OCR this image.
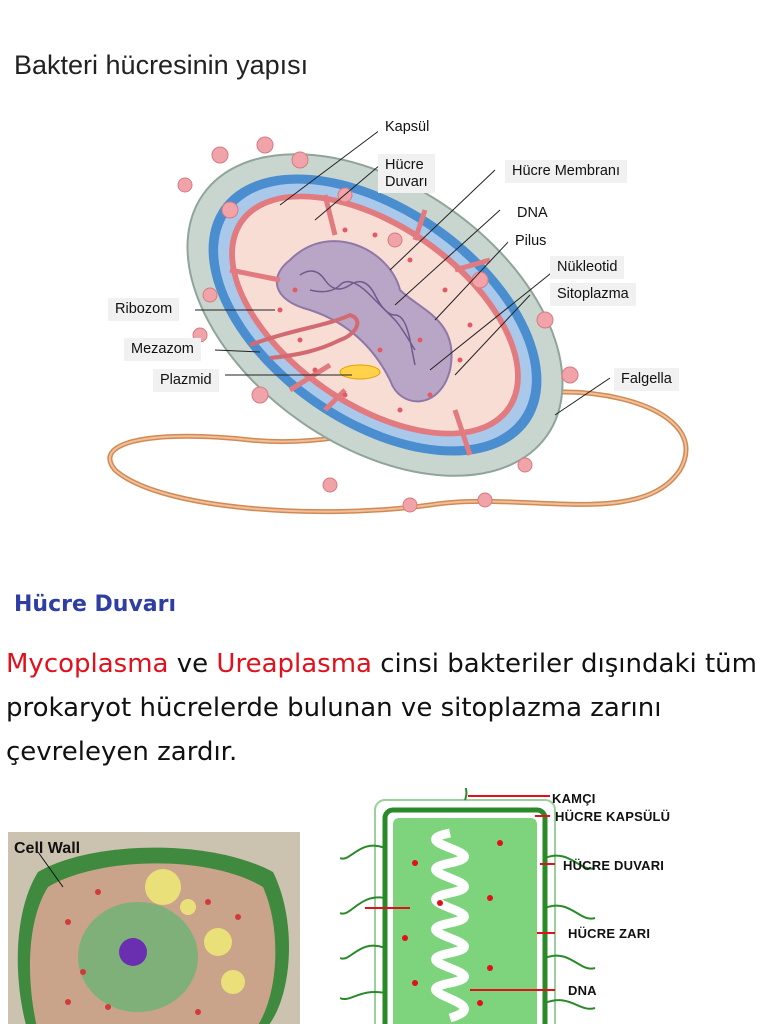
Bakteri hücresinin yapısı
Kapsül
Hücre
Duvarı
Hücre Membranı
DNA
Pilus
Nükleotid
Sitoplazma
Ribozom
Mezazom
Plazmid	Falgella
Hücre Duvarı
Mycoplasma ve Ureaplasma cinsi bakteriler dışındaki tüm prokaryot hücrelerde bulunan ve sitoplazma zarını çevreleyen zardır.
Cell Wall
KAMÇI
HÜCRE KAPSÜLÜ
HÜCRE DUVARI
HÜCRE ZARI
DNA
